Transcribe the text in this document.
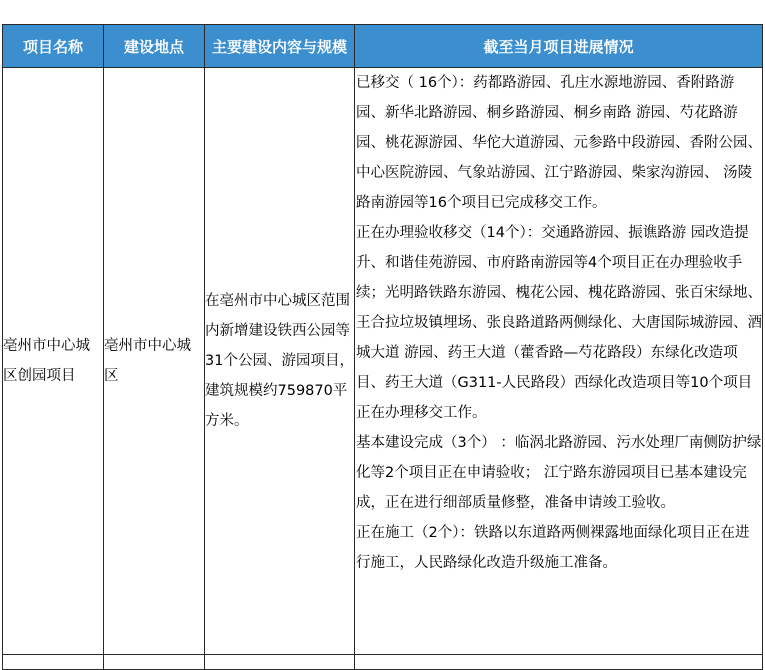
项目名称	建设地点	主要建设内容与规模	截至当月项目进展情况
亳州市中心城区创园项目	亳州市中心城区	在亳州市中心城区范围内新增建设铁西公园等31个公园、游园项目，建筑规模约759870平方米。	已移交（ 16个）：药都路游园、孔庄水源地游园、香附路游园、新华北路游园、桐乡路游园、桐乡南路 游园、芍花路游园、桃花源游园、华佗大道游园、元参路中段游园、香附公园、中心医院游园、气象站游园、江宁路游园、柴家沟游园、 汤陵路南游园等16个项目已完成移交工作。

正在办理验收移交（14个）：交通路游园、振谯路游 园改造提升、和谐佳苑游园、市府路南游园等4个项目正在办理验收手续；光明路铁路东游园、槐花公园、槐花路游园、张百宋绿地、王合拉垃圾镇埋场、张良路道路两侧绿化、大唐国际城游园、酒城大道 游园、药王大道（藿香路—芍花路段）东绿化改造项目、药王大道（G311-人民路段）西绿化改造项目等10个项目正在办理移交工作。

基本建设完成（3个） ：临涡北路游园、污水处理厂南侧防护绿化等2个项目正在申请验收； 江宁路东游园项目已基本建设完成，正在进行细部质量修整，准备申请竣工验收。

正在施工（2个）：铁路以东道路两侧裸露地面绿化项目正在进行施工，人民路绿化改造升级施工准备。
